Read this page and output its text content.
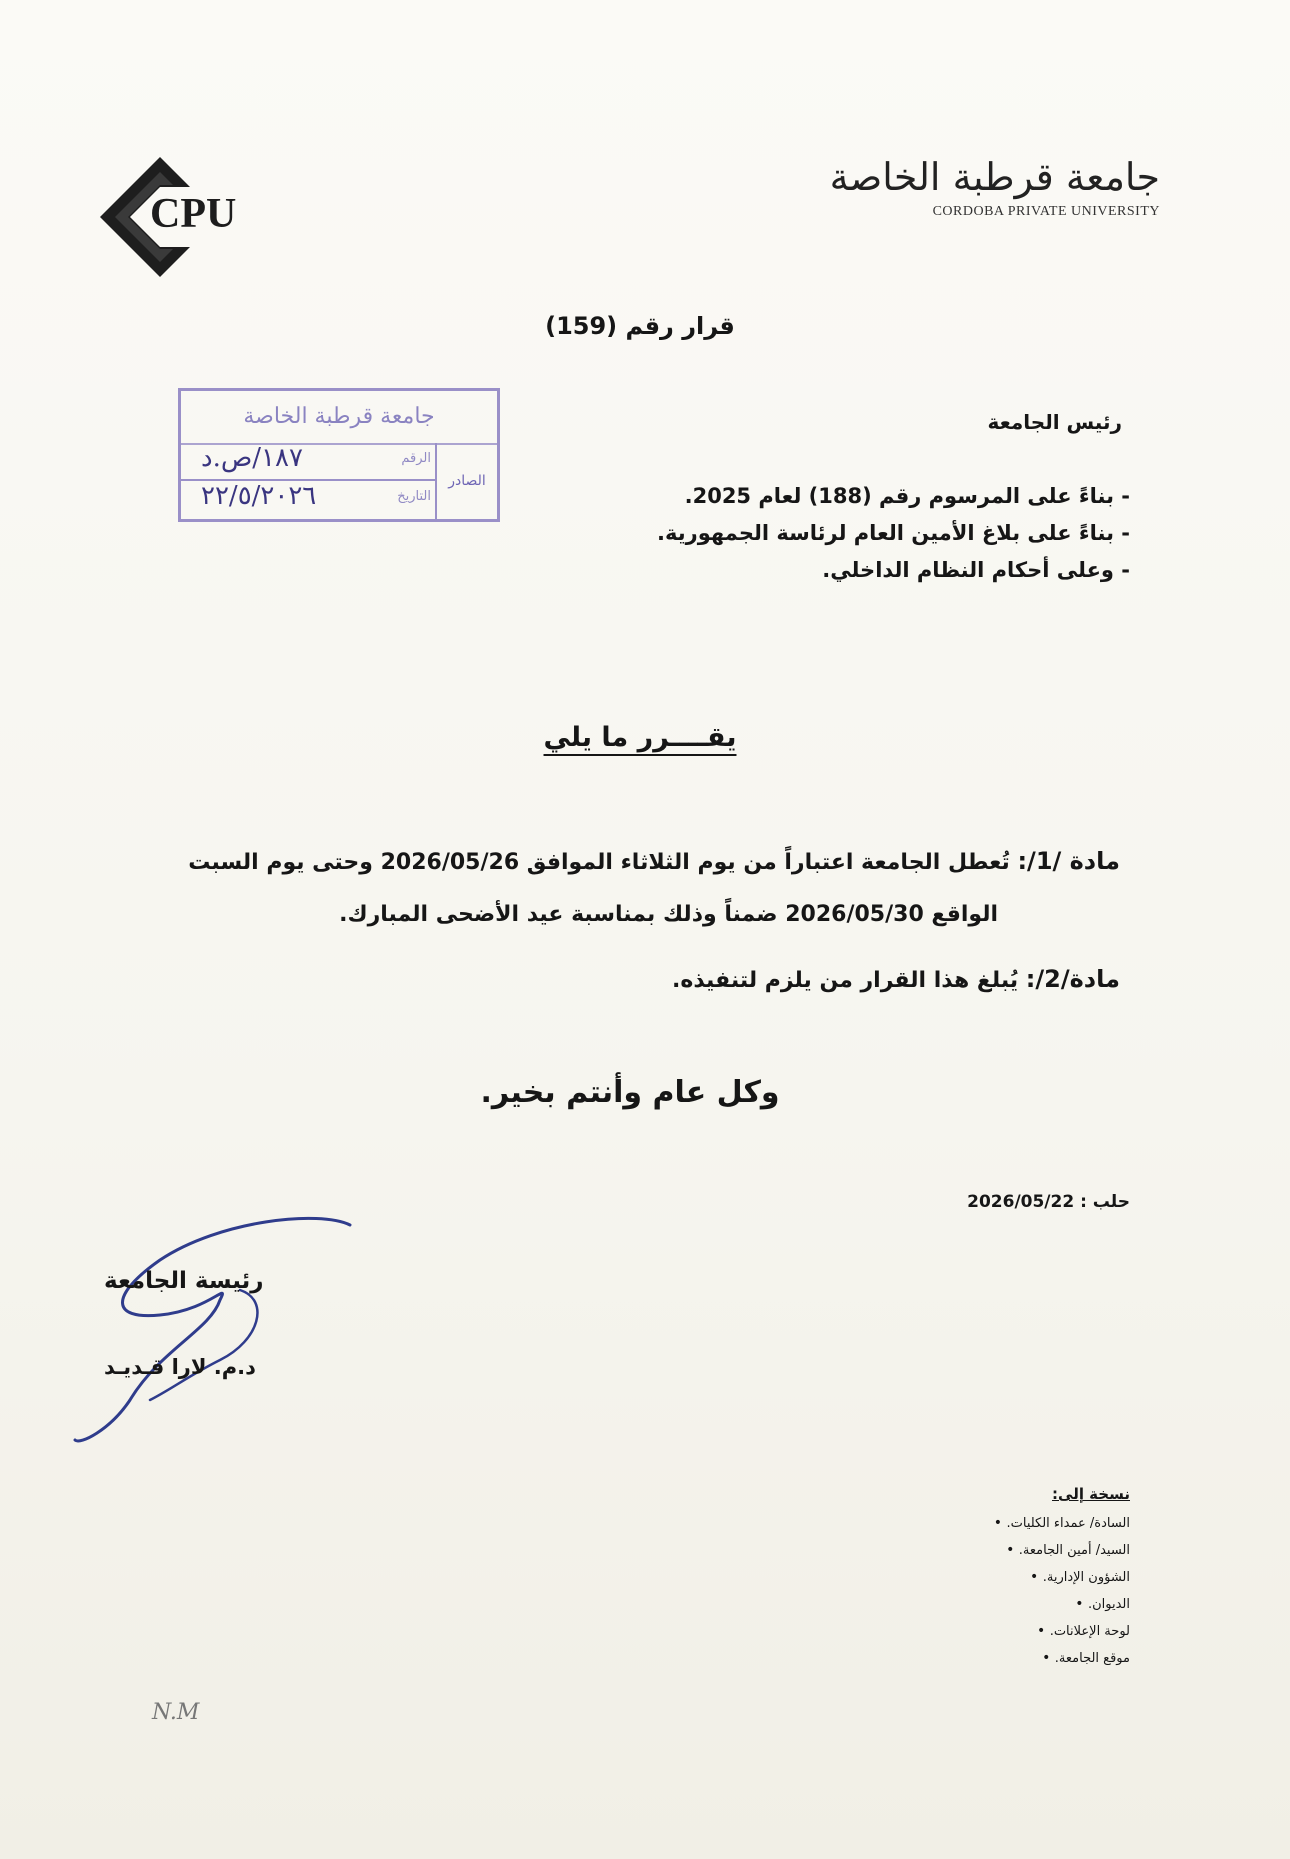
جامعة قرطبة الخاصة
CORDOBA PRIVATE UNIVERSITY
CPU
قرار رقم (159)
جامعة قرطبة الخاصة
الصادر
الرقم
١٨٧/ص.د
التاريخ
٢٢/٥/٢٠٢٦
رئيس الجامعة
- بناءً على المرسوم رقم (188) لعام 2025.
- بناءً على بلاغ الأمين العام لرئاسة الجمهورية.
- وعلى أحكام النظام الداخلي.
يقــــرر ما يلي
مادة /1/: تُعطل الجامعة اعتباراً من يوم الثلاثاء الموافق 2026/05/26 وحتى يوم السبت
الواقع 2026/05/30 ضمناً وذلك بمناسبة عيد الأضحى المبارك.
مادة/2/: يُبلغ هذا القرار من يلزم لتنفيذه.
وكل عام وأنتم بخير.
حلب : 2026/05/22
رئيسة الجامعة
د.م. لارا قـديـد
نسخة إلى:
السادة/ عمداء الكليات. •
السيد/ أمين الجامعة. •
الشؤون الإدارية. •
الديوان. •
لوحة الإعلانات. •
موقع الجامعة. •
N.M
